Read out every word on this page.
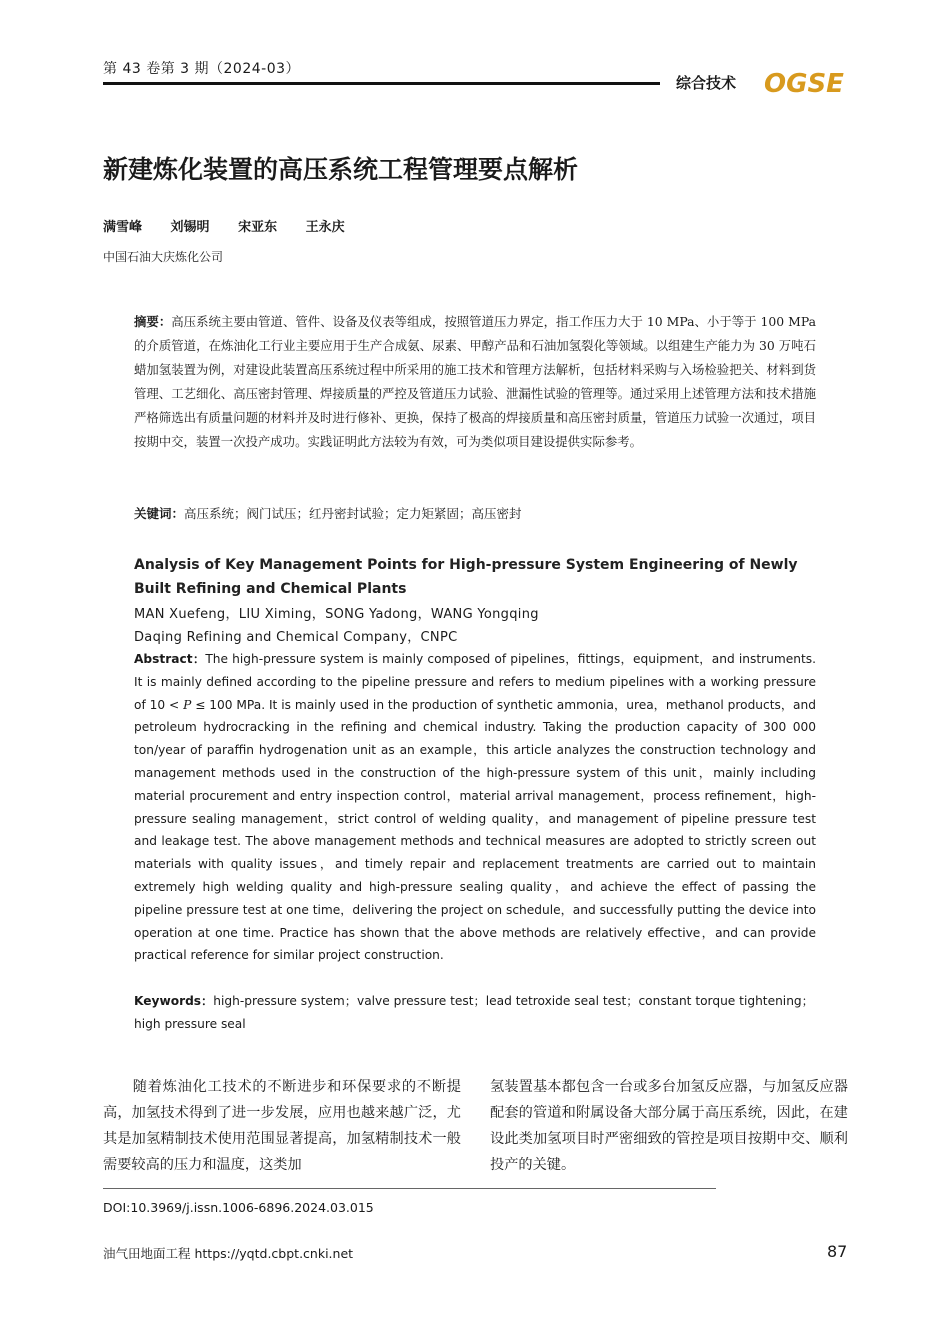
第 43 卷第 3 期（2024-03）
综合技术 OGSE
新建炼化装置的高压系统工程管理要点解析
满雪峰 刘锡明 宋亚东 王永庆
中国石油大庆炼化公司
摘要：高压系统主要由管道、管件、设备及仪表等组成，按照管道压力界定，指工作压力大于 10 MPa、小于等于 100 MPa 的介质管道，在炼油化工行业主要应用于生产合成氨、尿素、甲醇产品和石油加氢裂化等领域。以组建生产能力为 30 万吨石蜡加氢装置为例，对建设此装置高压系统过程中所采用的施工技术和管理方法解析，包括材料采购与入场检验把关、材料到货管理、工艺细化、高压密封管理、焊接质量的严控及管道压力试验、泄漏性试验的管理等。通过采用上述管理方法和技术措施严格筛选出有质量问题的材料并及时进行修补、更换，保持了极高的焊接质量和高压密封质量，管道压力试验一次通过，项目按期中交，装置一次投产成功。实践证明此方法较为有效，可为类似项目建设提供实际参考。
关键词：高压系统；阀门试压；红丹密封试验；定力矩紧固；高压密封
Analysis of Key Management Points for High-pressure System Engineering of Newly Built Refining and Chemical Plants
MAN Xuefeng，LIU Ximing，SONG Yadong，WANG Yongqing
Daqing Refining and Chemical Company，CNPC
Abstract：The high-pressure system is mainly composed of pipelines，fittings，equipment，and instruments. It is mainly defined according to the pipeline pressure and refers to medium pipelines with a working pressure of 10 < P ≤ 100 MPa. It is mainly used in the production of synthetic ammonia，urea，methanol products，and petroleum hydrocracking in the refining and chemical industry. Taking the production capacity of 300 000 ton/year of paraffin hydrogenation unit as an example，this article analyzes the construction technology and management methods used in the construction of the high-pressure system of this unit，mainly including material procurement and entry inspection control，material arrival management，process refinement，high-pressure sealing management，strict control of welding quality，and management of pipeline pressure test and leakage test. The above management methods and technical measures are adopted to strictly screen out materials with quality issues，and timely repair and replacement treatments are carried out to maintain extremely high welding quality and high-pressure sealing quality，and achieve the effect of passing the pipeline pressure test at one time，delivering the project on schedule，and successfully putting the device into operation at one time. Practice has shown that the above methods are relatively effective，and can provide practical reference for similar project construction.
Keywords：high-pressure system；valve pressure test；lead tetroxide seal test；constant torque tightening；high pressure seal
随着炼油化工技术的不断进步和环保要求的不断提高，加氢技术得到了进一步发展，应用也越来越广泛，尤其是加氢精制技术使用范围显著提高，加氢精制技术一般需要较高的压力和温度，这类加
氢装置基本都包含一台或多台加氢反应器，与加氢反应器配套的管道和附属设备大部分属于高压系统，因此，在建设此类加氢项目时严密细致的管控是项目按期中交、顺利投产的关键。
DOI:10.3969/j.issn.1006-6896.2024.03.015
油气田地面工程 https://yqtd.cbpt.cnki.net	87
